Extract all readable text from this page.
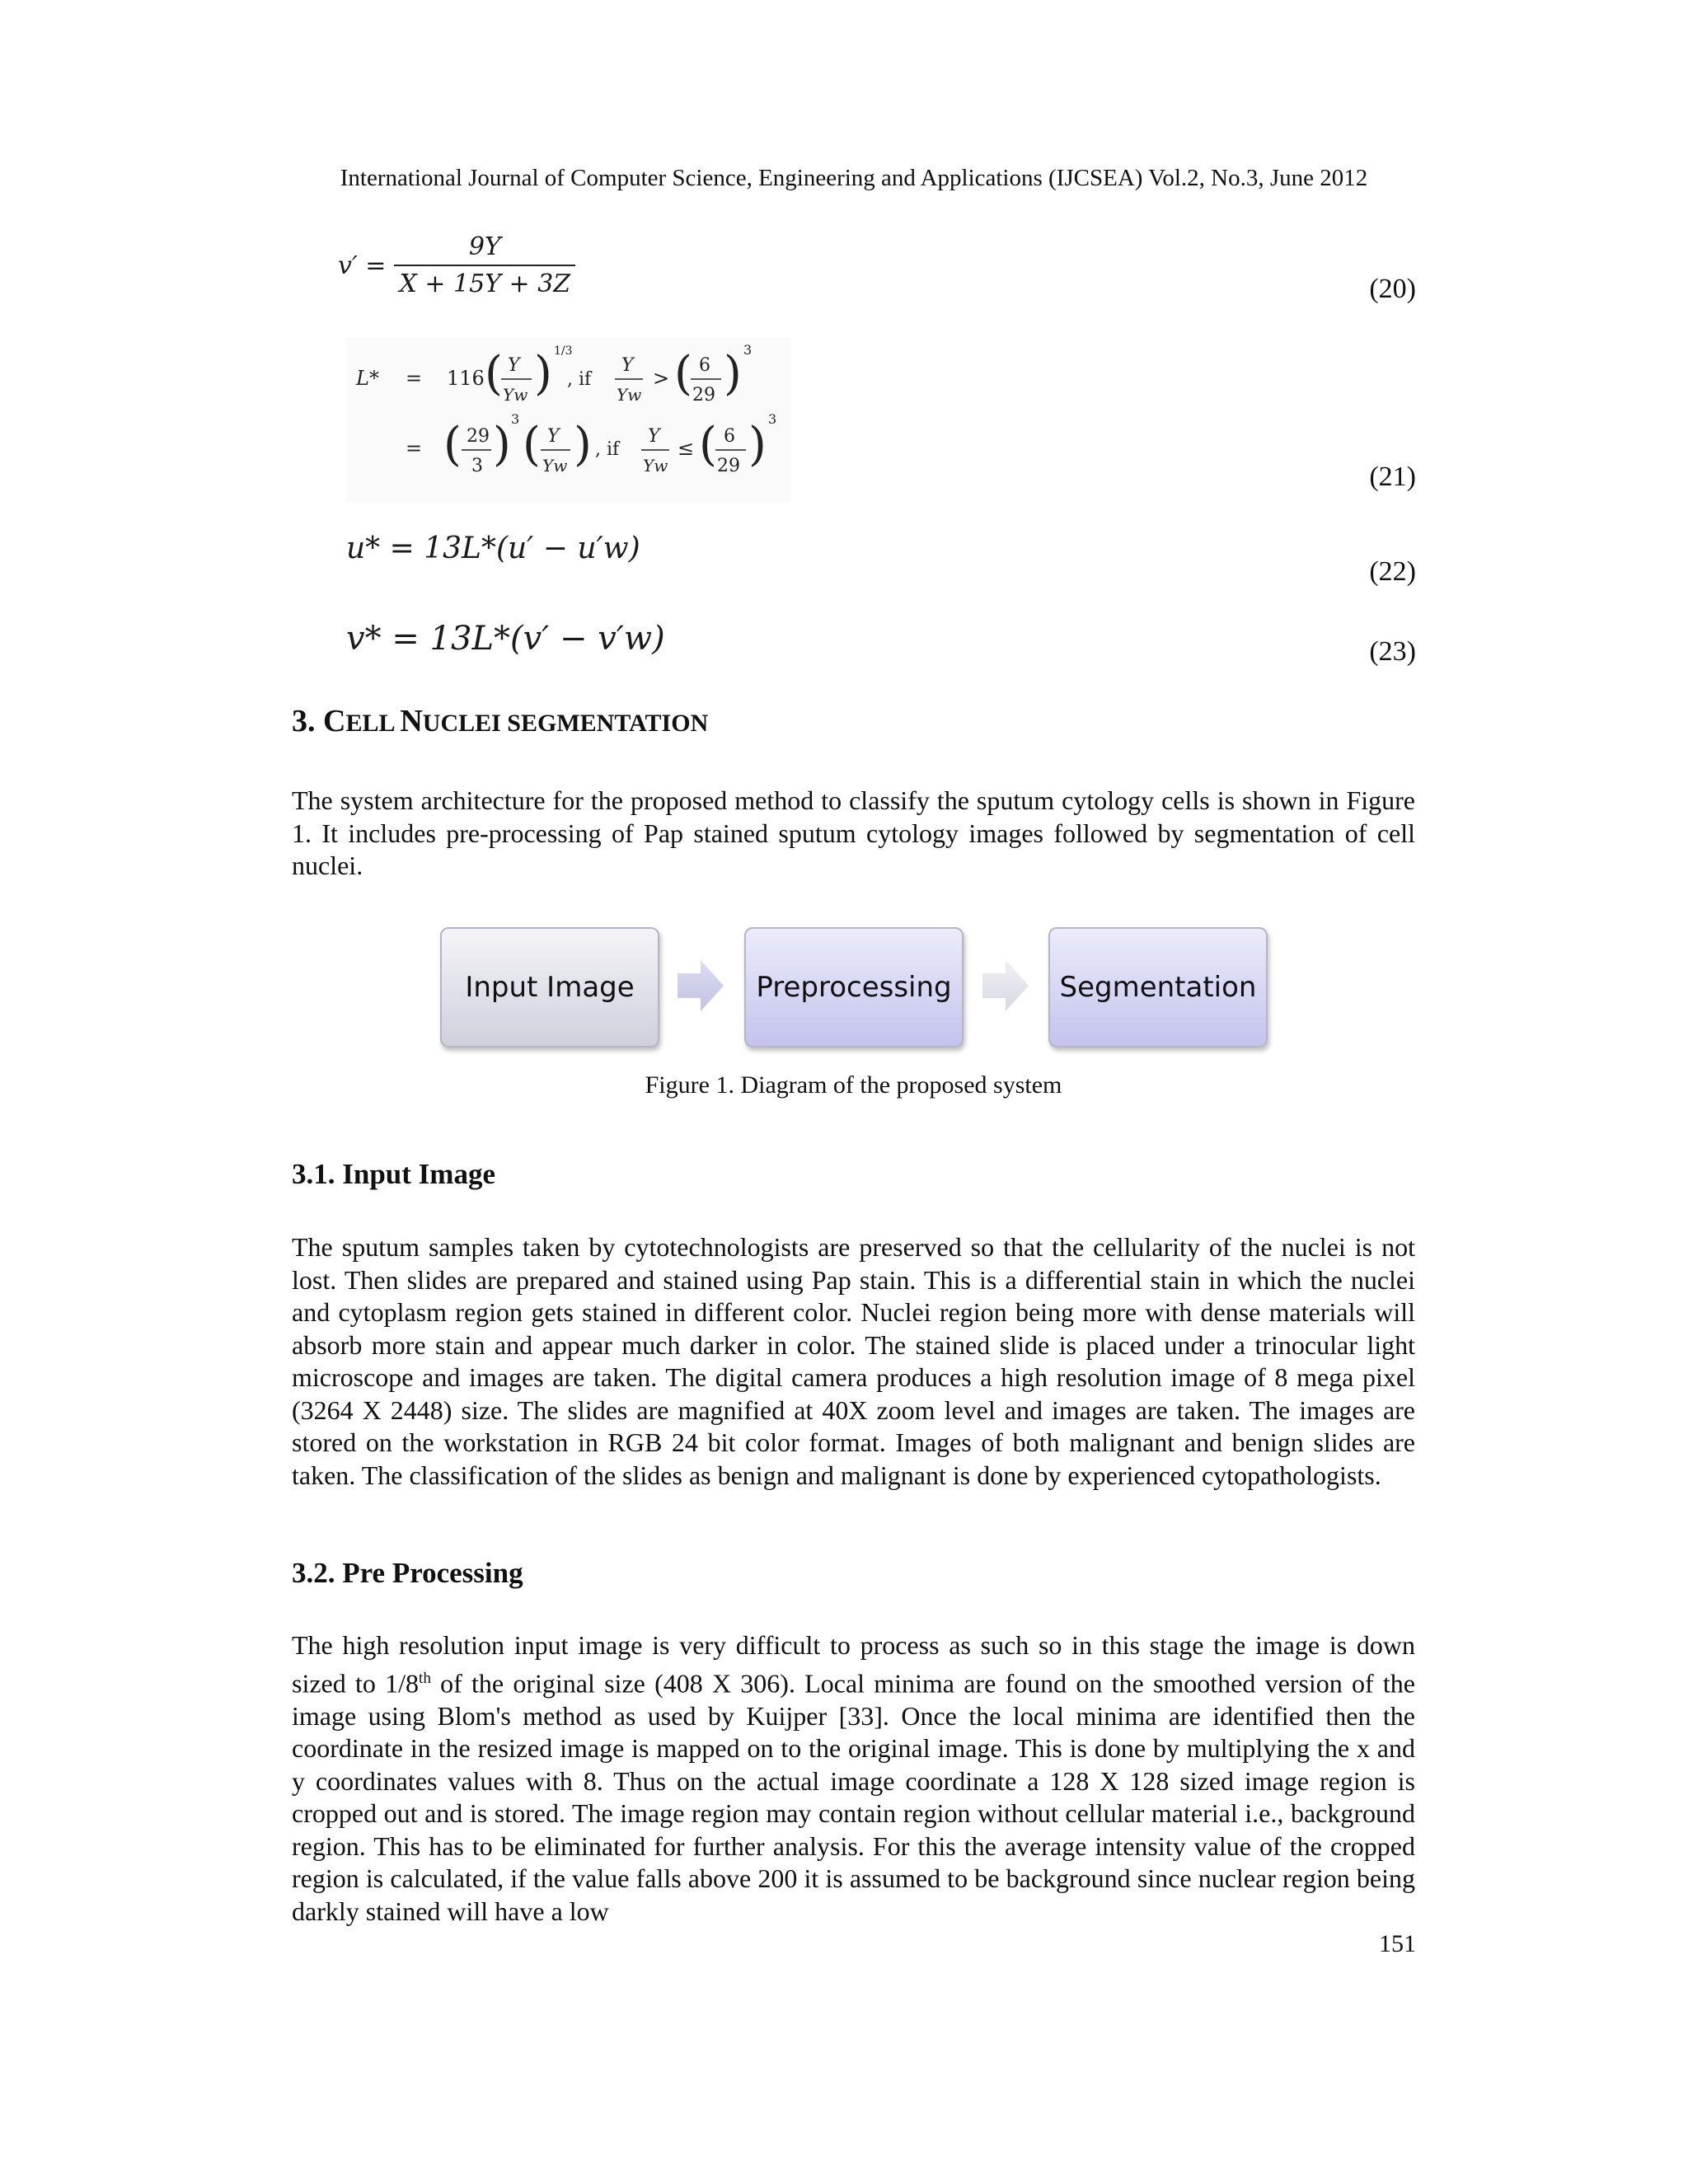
International Journal of Computer Science, Engineering and Applications (IJCSEA) Vol.2, No.3, June 2012
$v' = \frac{9Y}{X + 15Y + 3Z}$	(20)
L* = 116 ( Y
Yw ) 1/3
, if
Y
Yw
> ( 6
29 ) 3
= ( 29
3 ) 3 ( Y
Yw ) , if
Y
Yw
≤ ( 6
29 ) 3
(21)
u* = 13L*(u′ − u′w)
(22)
v* = 13L*(v′ − v′w)	(23)
3. CELL NUCLEI SEGMENTATION

The system architecture for the proposed method to classify the sputum cytology cells is shown in Figure 1. It includes pre-processing of Pap stained sputum cytology images followed by segmentation of cell nuclei.

Input Image	Preprocessing	Segmentation
Figure 1. Diagram of the proposed system
3.1. Input Image

The sputum samples taken by cytotechnologists are preserved so that the cellularity of the nuclei is not lost. Then slides are prepared and stained using Pap stain. This is a differential stain in which the nuclei and cytoplasm region gets stained in different color. Nuclei region being more with dense materials will absorb more stain and appear much darker in color. The stained slide is placed under a trinocular light microscope and images are taken. The digital camera produces a high resolution image of 8 mega pixel (3264 X 2448) size. The slides are magnified at 40X zoom level and images are taken. The images are stored on the workstation in RGB 24 bit color format. Images of both malignant and benign slides are taken. The classification of the slides as benign and malignant is done by experienced cytopathologists.

3.2. Pre Processing

The high resolution input image is very difficult to process as such so in this stage the image is down sized to 1/8th of the original size (408 X 306). Local minima are found on the smoothed version of the image using Blom's method as used by Kuijper [33]. Once the local minima are identified then the coordinate in the resized image is mapped on to the original image. This is done by multiplying the x and y coordinates values with 8. Thus on the actual image coordinate a 128 X 128 sized image region is cropped out and is stored. The image region may contain region without cellular material i.e., background region. This has to be eliminated for further analysis. For this the average intensity value of the cropped region is calculated, if the value falls above 200 it is assumed to be background since nuclear region being darkly stained will have a low

151
